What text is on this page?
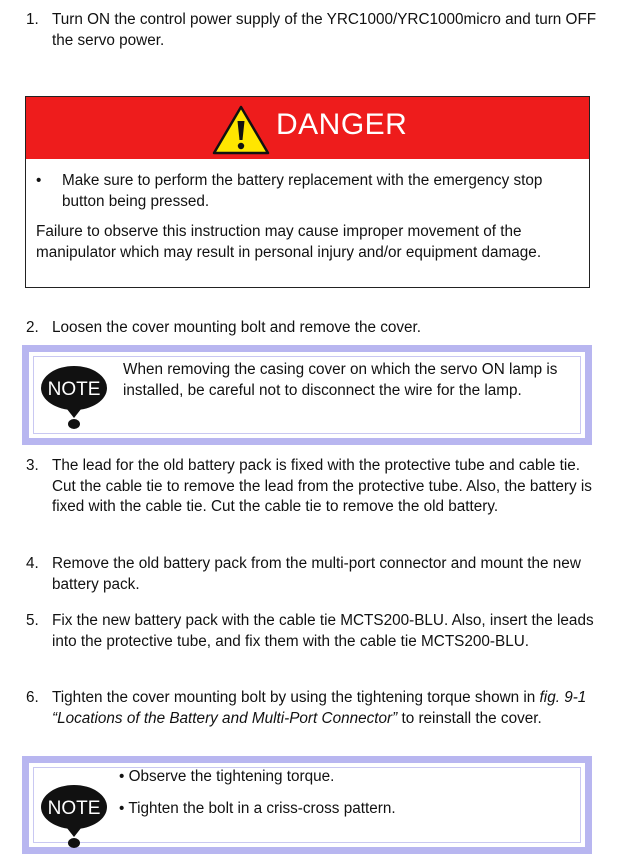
1. Turn ON the control power supply of the YRC1000/YRC1000micro and turn OFF the servo power.
DANGER
• Make sure to perform the battery replacement with the emergency stop button being pressed.
Failure to observe this instruction may cause improper movement of the manipulator which may result in personal injury and/or equipment damage.
2. Loosen the cover mounting bolt and remove the cover.
NOTE
When removing the casing cover on which the servo ON lamp is installed, be careful not to disconnect the wire for the lamp.
3. The lead for the old battery pack is fixed with the protective tube and cable tie. Cut the cable tie to remove the lead from the protective tube. Also, the battery is fixed with the cable tie. Cut the cable tie to remove the old battery.
4. Remove the old battery pack from the multi-port connector and mount the new battery pack.
5. Fix the new battery pack with the cable tie MCTS200-BLU. Also, insert the leads into the protective tube, and fix them with the cable tie MCTS200-BLU.
6. Tighten the cover mounting bolt by using the tightening torque shown in fig. 9-1 “Locations of the Battery and Multi-Port Connector” to reinstall the cover.
NOTE
• Observe the tightening torque.
• Tighten the bolt in a criss-cross pattern.
